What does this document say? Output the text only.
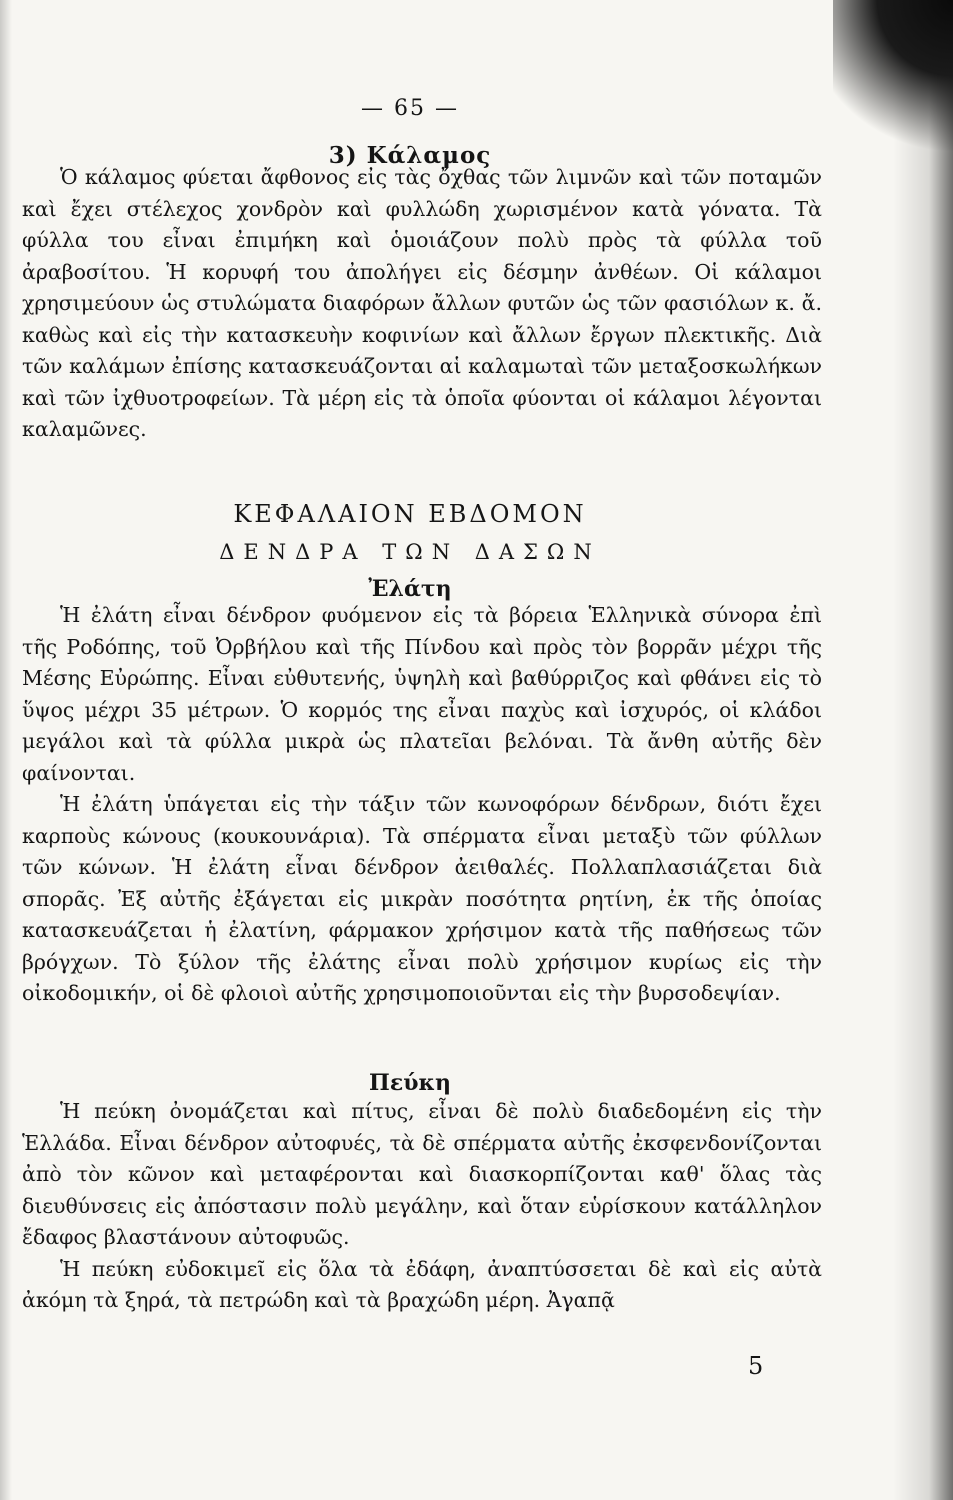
— 65 —
3) Κάλαμος

Ὁ κάλαμος φύεται ἄφθονος εἰς τὰς ὄχθας τῶν λιμνῶν καὶ τῶν ποταμῶν καὶ ἔχει στέλεχος χονδρὸν καὶ φυλλώδη χωρισμένον κατὰ γόνατα. Τὰ φύλλα του εἶναι ἐπιμήκη καὶ ὁμοιάζουν πολὺ πρὸς τὰ φύλλα τοῦ ἀραβοσίτου. Ἡ κορυφή του ἀπολήγει εἰς δέσμην ἀνθέων. Οἱ κάλαμοι χρησιμεύουν ὡς στυλώματα διαφόρων ἄλλων φυτῶν ὡς τῶν φασιόλων κ. ἄ. καθὼς καὶ εἰς τὴν κατασκευὴν κοφινίων καὶ ἄλλων ἔργων πλεκτικῆς. Διὰ τῶν καλάμων ἐπίσης κατασκευάζονται αἱ καλαμωταὶ τῶν μεταξοσκωλήκων καὶ τῶν ἰχθυοτροφείων. Τὰ μέρη εἰς τὰ ὁποῖα φύονται οἱ κάλαμοι λέγονται καλαμῶνες.

ΚΕΦΑΛΑΙΟΝ ΕΒΔΟΜΟΝ
ΔΕΝΔΡΑ ΤΩΝ ΔΑΣΩΝ
Ἐλάτη

Ἡ ἐλάτη εἶναι δένδρον φυόμενον εἰς τὰ βόρεια Ἑλληνικὰ σύνορα ἐπὶ τῆς Ροδόπης, τοῦ Ὀρβήλου καὶ τῆς Πίνδου καὶ πρὸς τὸν βορρᾶν μέχρι τῆς Μέσης Εὐρώπης. Εἶναι εὐθυτενής, ὑψηλὴ καὶ βαθύρριζος καὶ φθάνει εἰς τὸ ὕψος μέχρι 35 μέτρων. Ὁ κορμός της εἶναι παχὺς καὶ ἰσχυρός, οἱ κλάδοι μεγάλοι καὶ τὰ φύλλα μικρὰ ὡς πλατεῖαι βελόναι. Τὰ ἄνθη αὐτῆς δὲν φαίνονται.

Ἡ ἐλάτη ὑπάγεται εἰς τὴν τάξιν τῶν κωνοφόρων δένδρων, διότι ἔχει καρποὺς κώνους (κουκουνάρια). Τὰ σπέρματα εἶναι μεταξὺ τῶν φύλλων τῶν κώνων. Ἡ ἐλάτη εἶναι δένδρον ἀειθαλές. Πολλαπλασιάζεται διὰ σπορᾶς. Ἐξ αὐτῆς ἐξάγεται εἰς μικρὰν ποσότητα ρητίνη, ἐκ τῆς ὁποίας κατασκευάζεται ἡ ἐλατίνη, φάρμακον χρήσιμον κατὰ τῆς παθήσεως τῶν βρόγχων. Τὸ ξύλον τῆς ἐλάτης εἶναι πολὺ χρήσιμον κυρίως εἰς τὴν οἰκοδομικήν, οἱ δὲ φλοιοὶ αὐτῆς χρησιμοποιοῦνται εἰς τὴν βυρσοδεψίαν.

Πεύκη

Ἡ πεύκη ὀνομάζεται καὶ πίτυς, εἶναι δὲ πολὺ διαδεδομένη εἰς τὴν Ἑλλάδα. Εἶναι δένδρον αὐτοφυές, τὰ δὲ σπέρματα αὐτῆς ἐκσφενδονίζονται ἀπὸ τὸν κῶνον καὶ μεταφέρονται καὶ διασκορπίζονται καθ' ὅλας τὰς διευθύνσεις εἰς ἀπόστασιν πολὺ μεγάλην, καὶ ὅταν εὑρίσκουν κατάλληλον ἔδαφος βλαστάνουν αὐτοφυῶς.

Ἡ πεύκη εὐδοκιμεῖ εἰς ὅλα τὰ ἐδάφη, ἀναπτύσσεται δὲ καὶ εἰς αὐτὰ ἀκόμη τὰ ξηρά, τὰ πετρώδη καὶ τὰ βραχώδη μέρη. Ἀγαπᾷ

5
